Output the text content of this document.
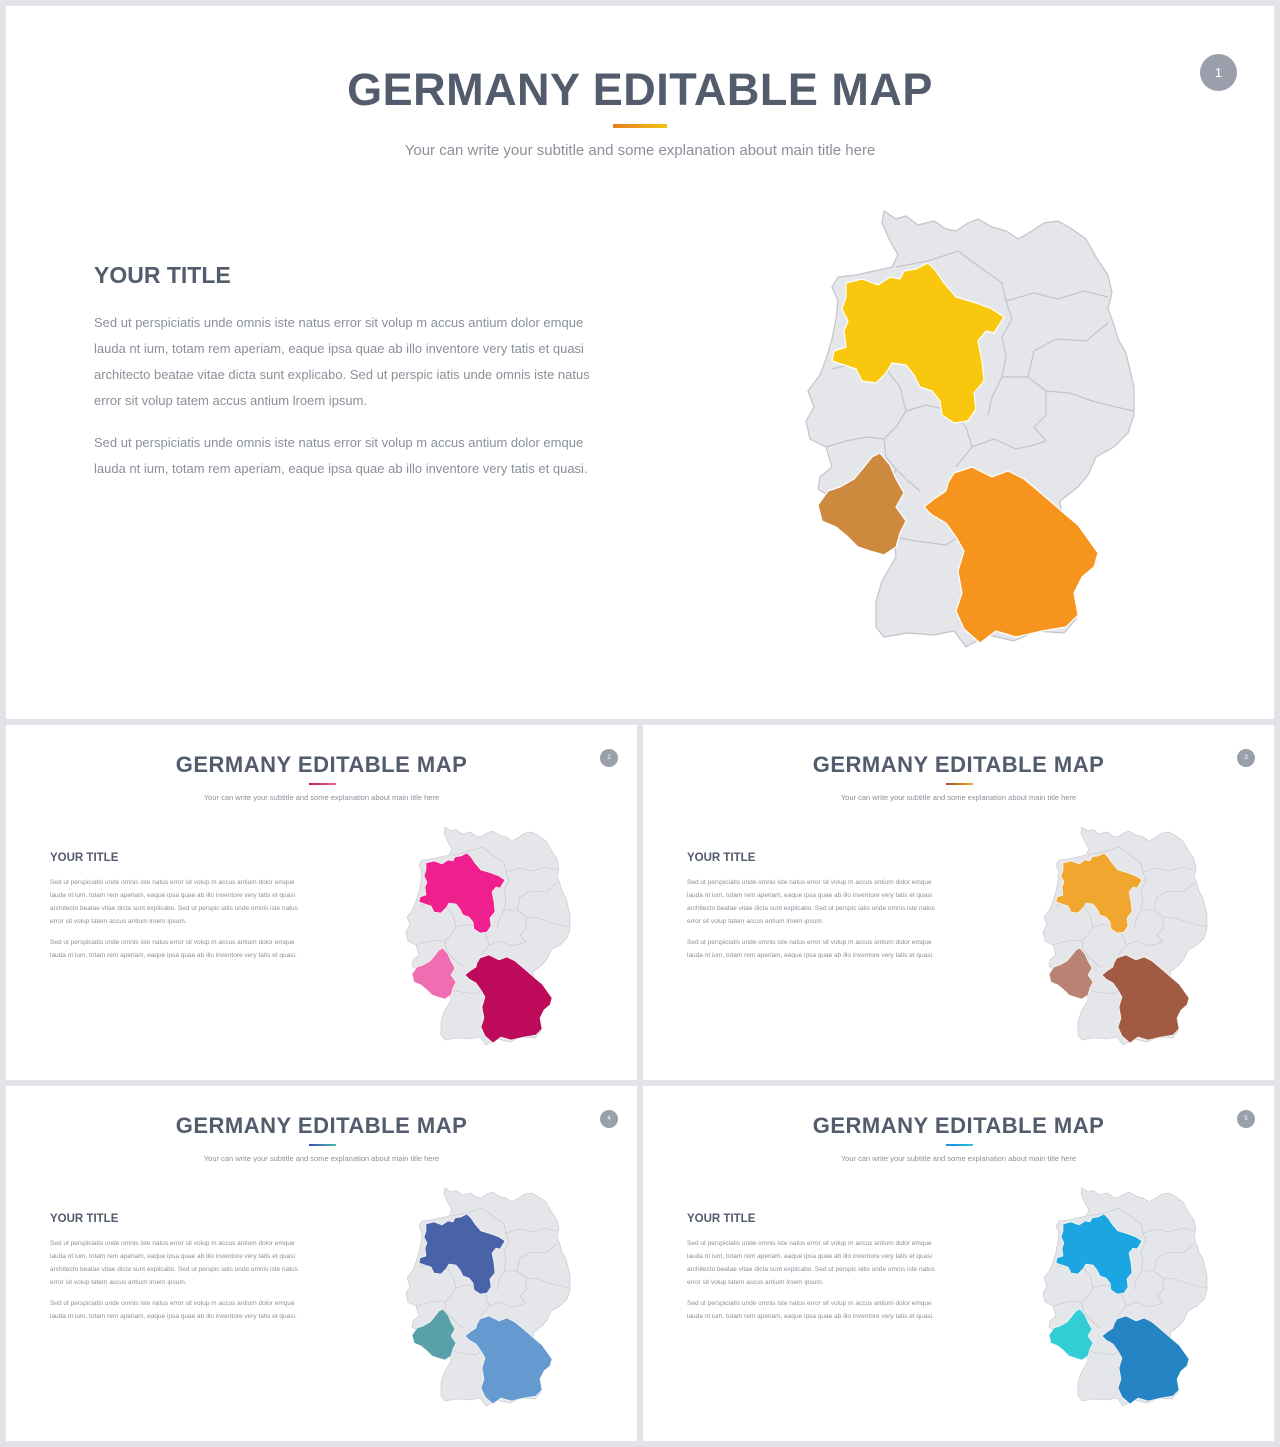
1
GERMANY EDITABLE MAP

Your can write your subtitle and some explanation about main title here

YOUR TITLE

Sed ut perspiciatis unde omnis iste natus error sit volup m accus antium dolor emque lauda nt ium, totam rem aperiam, eaque ipsa quae ab illo inventore very tatis et quasi architecto beatae vitae dicta sunt explicabo. Sed ut perspic iatis unde omnis iste natus error sit volup tatem accus antium lroem ipsum.

Sed ut perspiciatis unde omnis iste natus error sit volup m accus antium dolor emque lauda nt ium, totam rem aperiam, eaque ipsa quae ab illo inventore very tatis et quasi.

2
GERMANY EDITABLE MAP

Your can write your subtitle and some explanation about main title here

YOUR TITLE

Sed ut perspiciatis unde omnis iste natus error sit volup m accus antium dolor emque lauda nt ium, totam rem aperiam, eaque ipsa quae ab illo inventore very tatis et quasi architecto beatae vitae dicta sunt explicabo. Sed ut perspic iatis unde omnis iste natus error sit volup tatem accus antium lroem ipsum.

Sed ut perspiciatis unde omnis iste natus error sit volup m accus antium dolor emque lauda nt ium, totam rem aperiam, eaque ipsa quae ab illo inventore very tatis et quasi.

3
GERMANY EDITABLE MAP

Your can write your subtitle and some explanation about main title here

YOUR TITLE

Sed ut perspiciatis unde omnis iste natus error sit volup m accus antium dolor emque lauda nt ium, totam rem aperiam, eaque ipsa quae ab illo inventore very tatis et quasi architecto beatae vitae dicta sunt explicabo. Sed ut perspic iatis unde omnis iste natus error sit volup tatem accus antium lroem ipsum.

Sed ut perspiciatis unde omnis iste natus error sit volup m accus antium dolor emque lauda nt ium, totam rem aperiam, eaque ipsa quae ab illo inventore very tatis et quasi.

4
GERMANY EDITABLE MAP

Your can write your subtitle and some explanation about main title here

YOUR TITLE

Sed ut perspiciatis unde omnis iste natus error sit volup m accus antium dolor emque lauda nt ium, totam rem aperiam, eaque ipsa quae ab illo inventore very tatis et quasi architecto beatae vitae dicta sunt explicabo. Sed ut perspic iatis unde omnis iste natus error sit volup tatem accus antium lroem ipsum.

Sed ut perspiciatis unde omnis iste natus error sit volup m accus antium dolor emque lauda nt ium, totam rem aperiam, eaque ipsa quae ab illo inventore very tatis et quasi.

5
GERMANY EDITABLE MAP

Your can write your subtitle and some explanation about main title here

YOUR TITLE

Sed ut perspiciatis unde omnis iste natus error sit volup m accus antium dolor emque lauda nt ium, totam rem aperiam, eaque ipsa quae ab illo inventore very tatis et quasi architecto beatae vitae dicta sunt explicabo. Sed ut perspic iatis unde omnis iste natus error sit volup tatem accus antium lroem ipsum.

Sed ut perspiciatis unde omnis iste natus error sit volup m accus antium dolor emque lauda nt ium, totam rem aperiam, eaque ipsa quae ab illo inventore very tatis et quasi.
